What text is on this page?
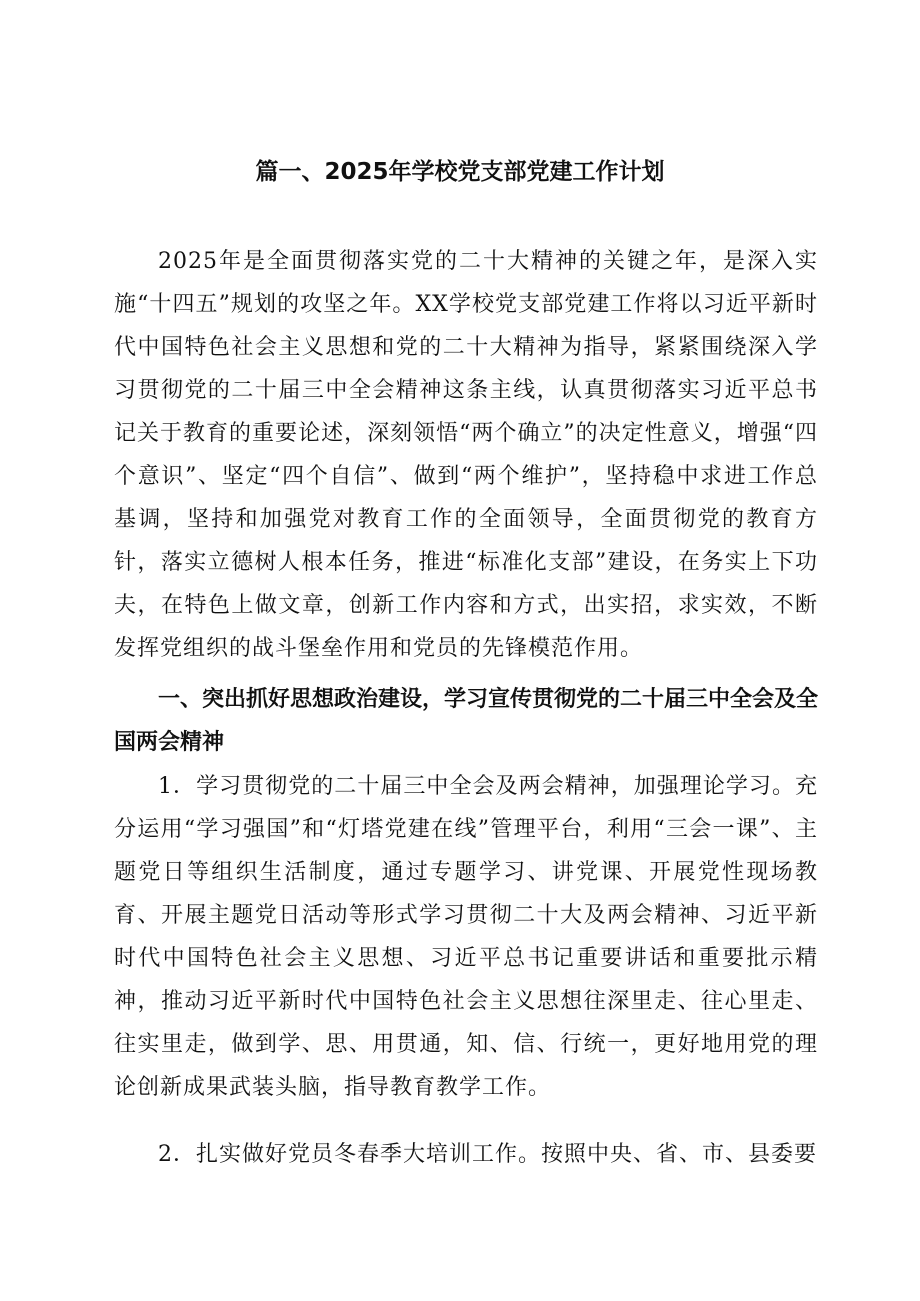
篇一、2025年学校党支部党建工作计划

2025年是全面贯彻落实党的二十大精神的关键之年，是深入实施“十四五”规划的攻坚之年。XX学校党支部党建工作将以习近平新时代中国特色社会主义思想和党的二十大精神为指导，紧紧围绕深入学习贯彻党的二十届三中全会精神这条主线，认真贯彻落实习近平总书记关于教育的重要论述，深刻领悟“两个确立”的决定性意义，增强“四个意识”、坚定“四个自信”、做到“两个维护”，坚持稳中求进工作总基调，坚持和加强党对教育工作的全面领导，全面贯彻党的教育方针，落实立德树人根本任务，推进“标准化支部”建设，在务实上下功夫，在特色上做文章，创新工作内容和方式，出实招，求实效，不断发挥党组织的战斗堡垒作用和党员的先锋模范作用。

一、突出抓好思想政治建设，学习宣传贯彻党的二十届三中全会及全国两会精神

1．学习贯彻党的二十届三中全会及两会精神，加强理论学习。充分运用“学习强国”和“灯塔党建在线”管理平台，利用“三会一课”、主题党日等组织生活制度，通过专题学习、讲党课、开展党性现场教育、开展主题党日活动等形式学习贯彻二十大及两会精神、习近平新时代中国特色社会主义思想、习近平总书记重要讲话和重要批示精神，推动习近平新时代中国特色社会主义思想往深里走、往心里走、往实里走，做到学、思、用贯通，知、信、行统一，更好地用党的理论创新成果武装头脑，指导教育教学工作。

2．扎实做好党员冬春季大培训工作。按照中央、省、市、县委要
